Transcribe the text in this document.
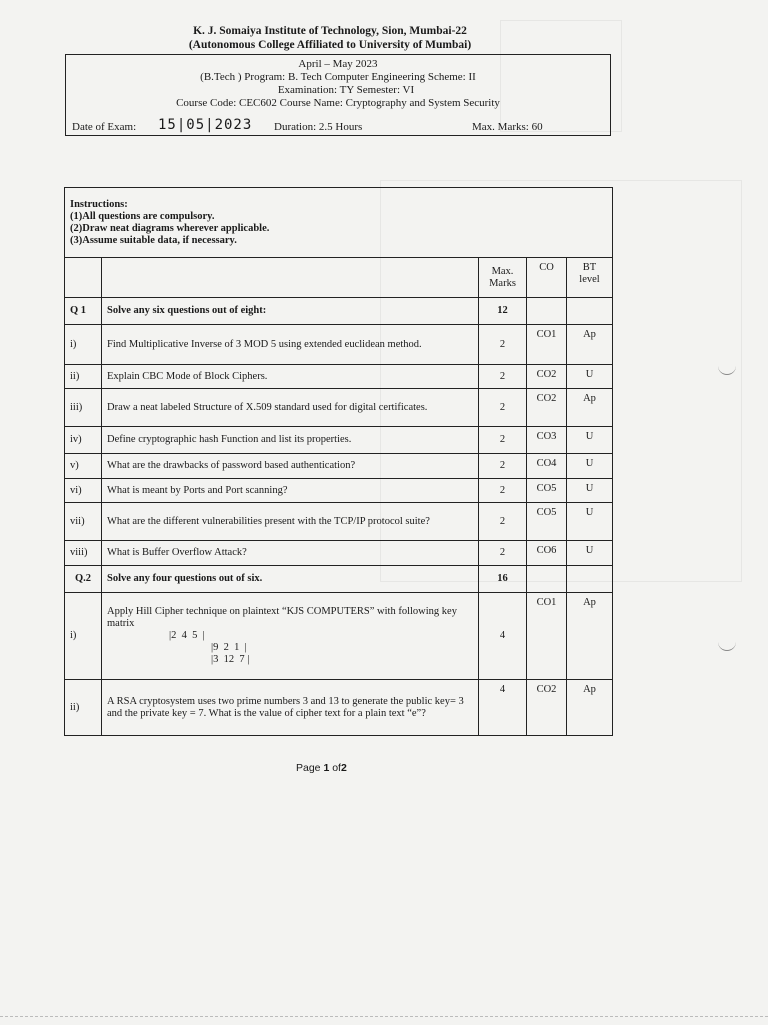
K. J. Somaiya Institute of Technology, Sion, Mumbai-22
(Autonomous College Affiliated to University of Mumbai)
April – May 2023
(B.Tech ) Program: B. Tech Computer Engineering Scheme: II
Examination: TY Semester: VI
Course Code: CEC602 Course Name: Cryptography and System Security
Date of Exam: 15|05|2023 Duration: 2.5 Hours	Max. Marks: 60
Instructions:
(1)All questions are compulsory.
(2)Draw neat diagrams wherever applicable.
(3)Assume suitable data, if necessary.				

		Max. Marks	CO	BT level
Q 1	Solve any six questions out of eight:	12		
i)	Find Multiplicative Inverse of 3 MOD 5 using extended euclidean method.	2	CO1	Ap
ii)	Explain CBC Mode of Block Ciphers.	2	CO2	U
iii)	Draw a neat labeled Structure of X.509 standard used for digital certificates.	2	CO2	Ap
iv)	Define cryptographic hash Function and list its properties.	2	CO3	U
v)	What are the drawbacks of password based authentication?	2	CO4	U
vi)	What is meant by Ports and Port scanning?	2	CO5	U
vii)	What are the different vulnerabilities present with the TCP/IP protocol suite?	2	CO5	U
viii)	What is Buffer Overflow Attack?	2	CO6	U
Q.2	Solve any four questions out of six.	16		
i)	Apply Hill Cipher technique on plaintext “KJS COMPUTERS” with following key matrix
|2  4  5  |
|9  2  1  |
|3  12  7 |	4	CO1	Ap
ii)	A RSA cryptosystem uses two prime numbers 3 and 13 to generate the public key= 3 and the private key = 7. What is the value of cipher text for a plain text “e”?	4	CO2	Ap
Page 1 of2
